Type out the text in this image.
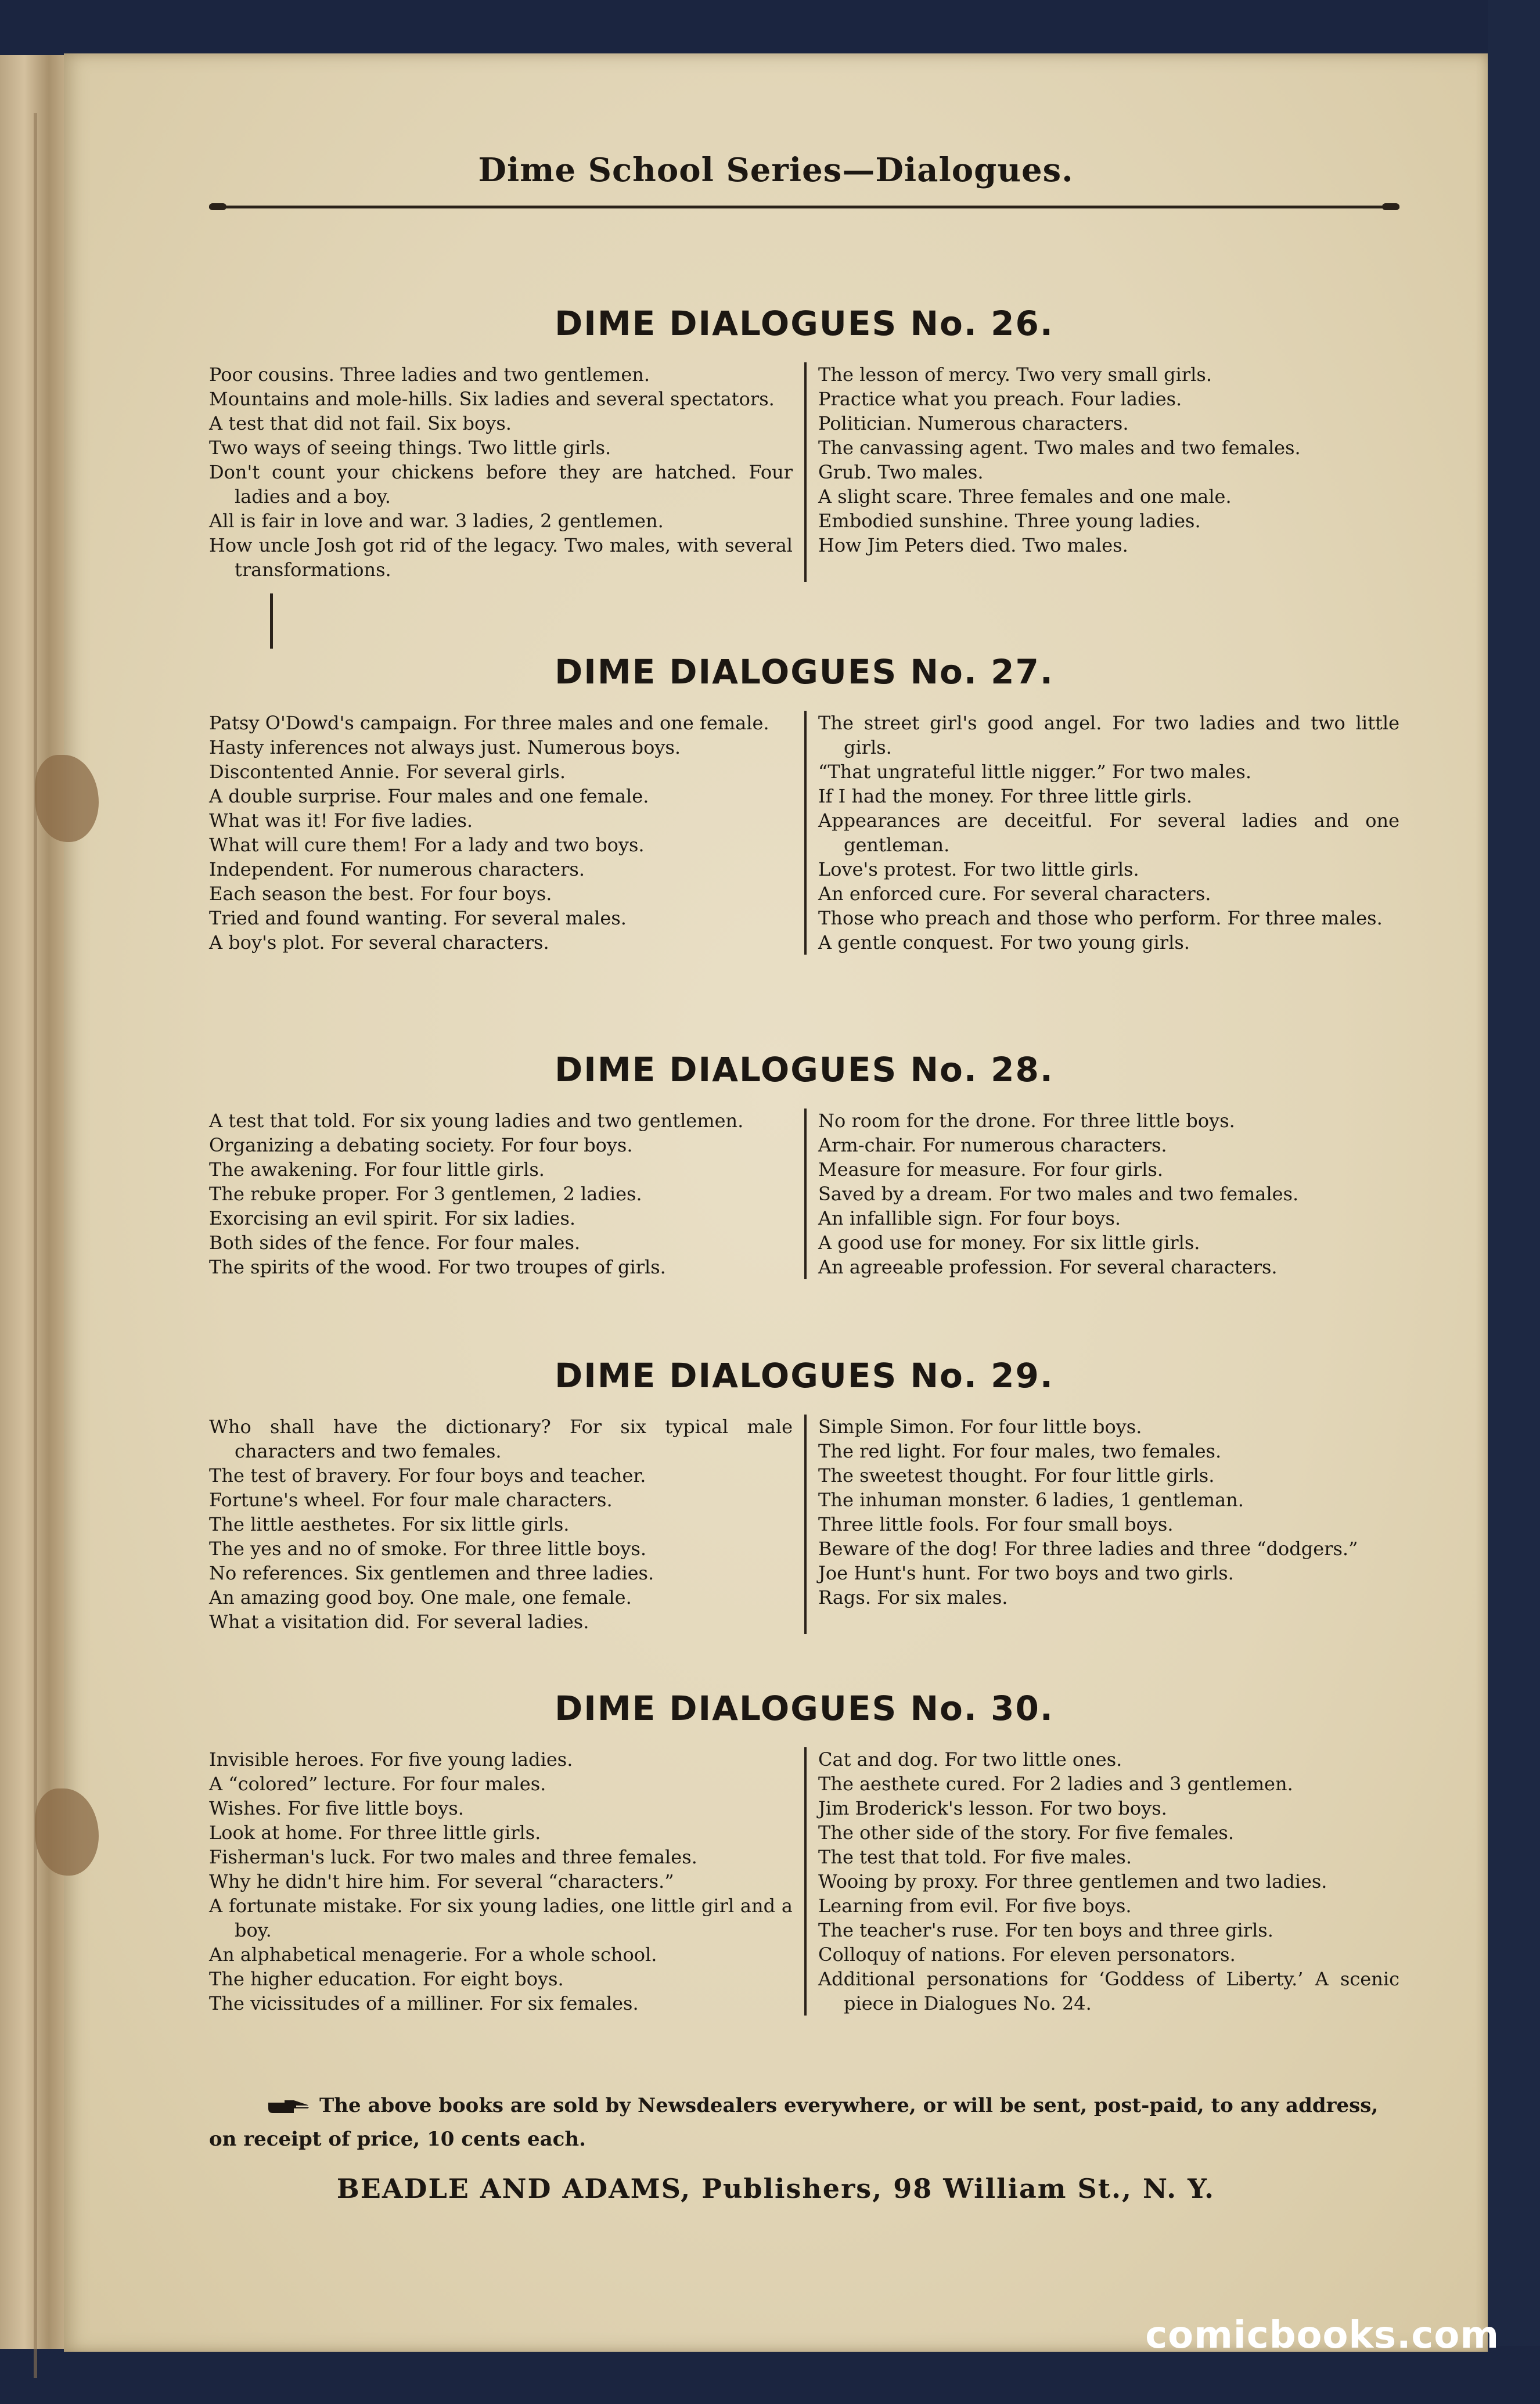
Dime School Series—Dialogues.
DIME DIALOGUES No. 26.
Poor cousins. Three ladies and two gentlemen.
Mountains and mole-hills. Six ladies and several spectators.
A test that did not fail. Six boys.
Two ways of seeing things. Two little girls.
Don't count your chickens before they are hatched. Four ladies and a boy.
All is fair in love and war. 3 ladies, 2 gentlemen.
How uncle Josh got rid of the legacy. Two males, with several transformations.
The lesson of mercy. Two very small girls.
Practice what you preach. Four ladies.
Politician. Numerous characters.
The canvassing agent. Two males and two females.
Grub. Two males.
A slight scare. Three females and one male.
Embodied sunshine. Three young ladies.
How Jim Peters died. Two males.
DIME DIALOGUES No. 27.
Patsy O'Dowd's campaign. For three males and one female.
Hasty inferences not always just. Numerous boys.
Discontented Annie. For several girls.
A double surprise. Four males and one female.
What was it! For five ladies.
What will cure them! For a lady and two boys.
Independent. For numerous characters.
Each season the best. For four boys.
Tried and found wanting. For several males.
A boy's plot. For several characters.
The street girl's good angel. For two ladies and two little girls.
“That ungrateful little nigger.” For two males.
If I had the money. For three little girls.
Appearances are deceitful. For several ladies and one gentleman.
Love's protest. For two little girls.
An enforced cure. For several characters.
Those who preach and those who perform. For three males.
A gentle conquest. For two young girls.
DIME DIALOGUES No. 28.
A test that told. For six young ladies and two gentlemen.
Organizing a debating society. For four boys.
The awakening. For four little girls.
The rebuke proper. For 3 gentlemen, 2 ladies.
Exorcising an evil spirit. For six ladies.
Both sides of the fence. For four males.
The spirits of the wood. For two troupes of girls.
No room for the drone. For three little boys.
Arm-chair. For numerous characters.
Measure for measure. For four girls.
Saved by a dream. For two males and two females.
An infallible sign. For four boys.
A good use for money. For six little girls.
An agreeable profession. For several characters.
DIME DIALOGUES No. 29.
Who shall have the dictionary? For six typical male characters and two females.
The test of bravery. For four boys and teacher.
Fortune's wheel. For four male characters.
The little aesthetes. For six little girls.
The yes and no of smoke. For three little boys.
No references. Six gentlemen and three ladies.
An amazing good boy. One male, one female.
What a visitation did. For several ladies.
Simple Simon. For four little boys.
The red light. For four males, two females.
The sweetest thought. For four little girls.
The inhuman monster. 6 ladies, 1 gentleman.
Three little fools. For four small boys.
Beware of the dog! For three ladies and three “dodgers.”
Joe Hunt's hunt. For two boys and two girls.
Rags. For six males.
DIME DIALOGUES No. 30.
Invisible heroes. For five young ladies.
A “colored” lecture. For four males.
Wishes. For five little boys.
Look at home. For three little girls.
Fisherman's luck. For two males and three females.
Why he didn't hire him. For several “characters.”
A fortunate mistake. For six young ladies, one little girl and a boy.
An alphabetical menagerie. For a whole school.
The higher education. For eight boys.
The vicissitudes of a milliner. For six females.
Cat and dog. For two little ones.
The aesthete cured. For 2 ladies and 3 gentlemen.
Jim Broderick's lesson. For two boys.
The other side of the story. For five females.
The test that told. For five males.
Wooing by proxy. For three gentlemen and two ladies.
Learning from evil. For five boys.
The teacher's ruse. For ten boys and three girls.
Colloquy of nations. For eleven personators.
Additional personations for ‘Goddess of Liberty.’ A scenic piece in Dialogues No. 24.
The above books are sold by Newsdealers everywhere, or will be sent, post-paid, to any address, on receipt of price, 10 cents each.
BEADLE AND ADAMS, Publishers, 98 William St., N. Y.
comicbooks.com
